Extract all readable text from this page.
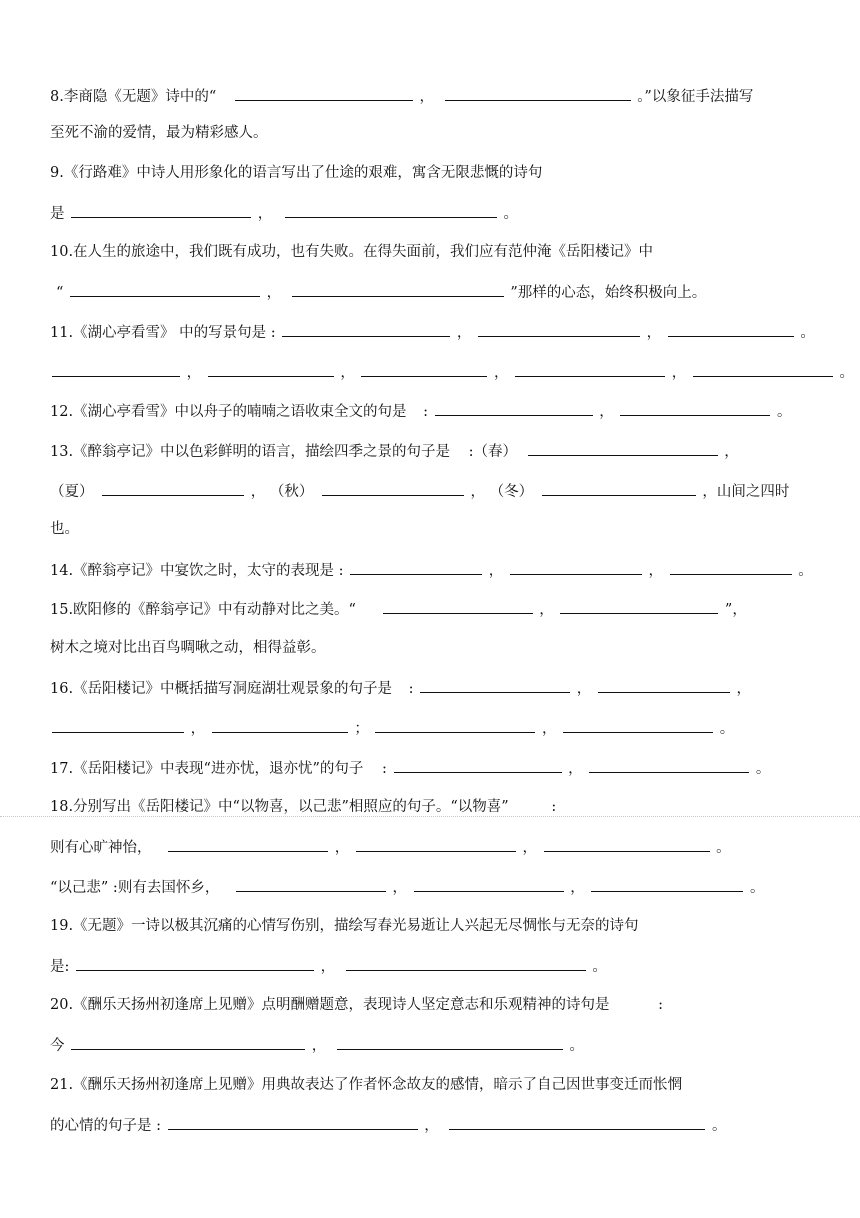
8.李商隐《无题》诗中的“	，	。”以象征手法描写
至死不渝的爱情，最为精彩感人。
9.《行路难》中诗人用形象化的语言写出了仕途的艰难，寓含无限悲慨的诗句
是	，	。
10.在人生的旅途中，我们既有成功，也有失败。在得失面前，我们应有范仲淹《岳阳楼记》中
“	，	”那样的心态，始终积极向上。
11.《湖心亭看雪》 中的写景句是 :	，	，	。
，	，	，	，	。
12.《湖心亭看雪》中以舟子的喃喃之语收束全文的句是 :	，	。
13.《醉翁亭记》中以色彩鲜明的语言，描绘四季之景的句子是 :（春）	，
（夏）	， （秋）	， （冬）	，山间之四时
也。
14.《醉翁亭记》中宴饮之时，太守的表现是 :	，	，	。
15.欧阳修的《醉翁亭记》中有动静对比之美。“	，	”，
树木之境对比出百鸟啁啾之动，相得益彰。
16.《岳阳楼记》中概括描写洞庭湖壮观景象的句子是 :	，	，
，	；	，	。
17.《岳阳楼记》中表现“进亦忧，退亦忧”的句子 :	，	。
18.分别写出《岳阳楼记》中“以物喜，以己悲”相照应的句子。“以物喜”	:
则有心旷神怡，	，	，	。
“以己悲” :则有去国怀乡，	，	，	。
19.《无题》一诗以极其沉痛的心情写伤别，描绘写春光易逝让人兴起无尽惆怅与无奈的诗句
是:	，	。
20.《酬乐天扬州初逢席上见赠》点明酬赠题意，表现诗人坚定意志和乐观精神的诗句是	:
今	，	。
21.《酬乐天扬州初逢席上见赠》用典故表达了作者怀念故友的感情，暗示了自己因世事变迁而怅惘
的心情的句子是 :	，	。
